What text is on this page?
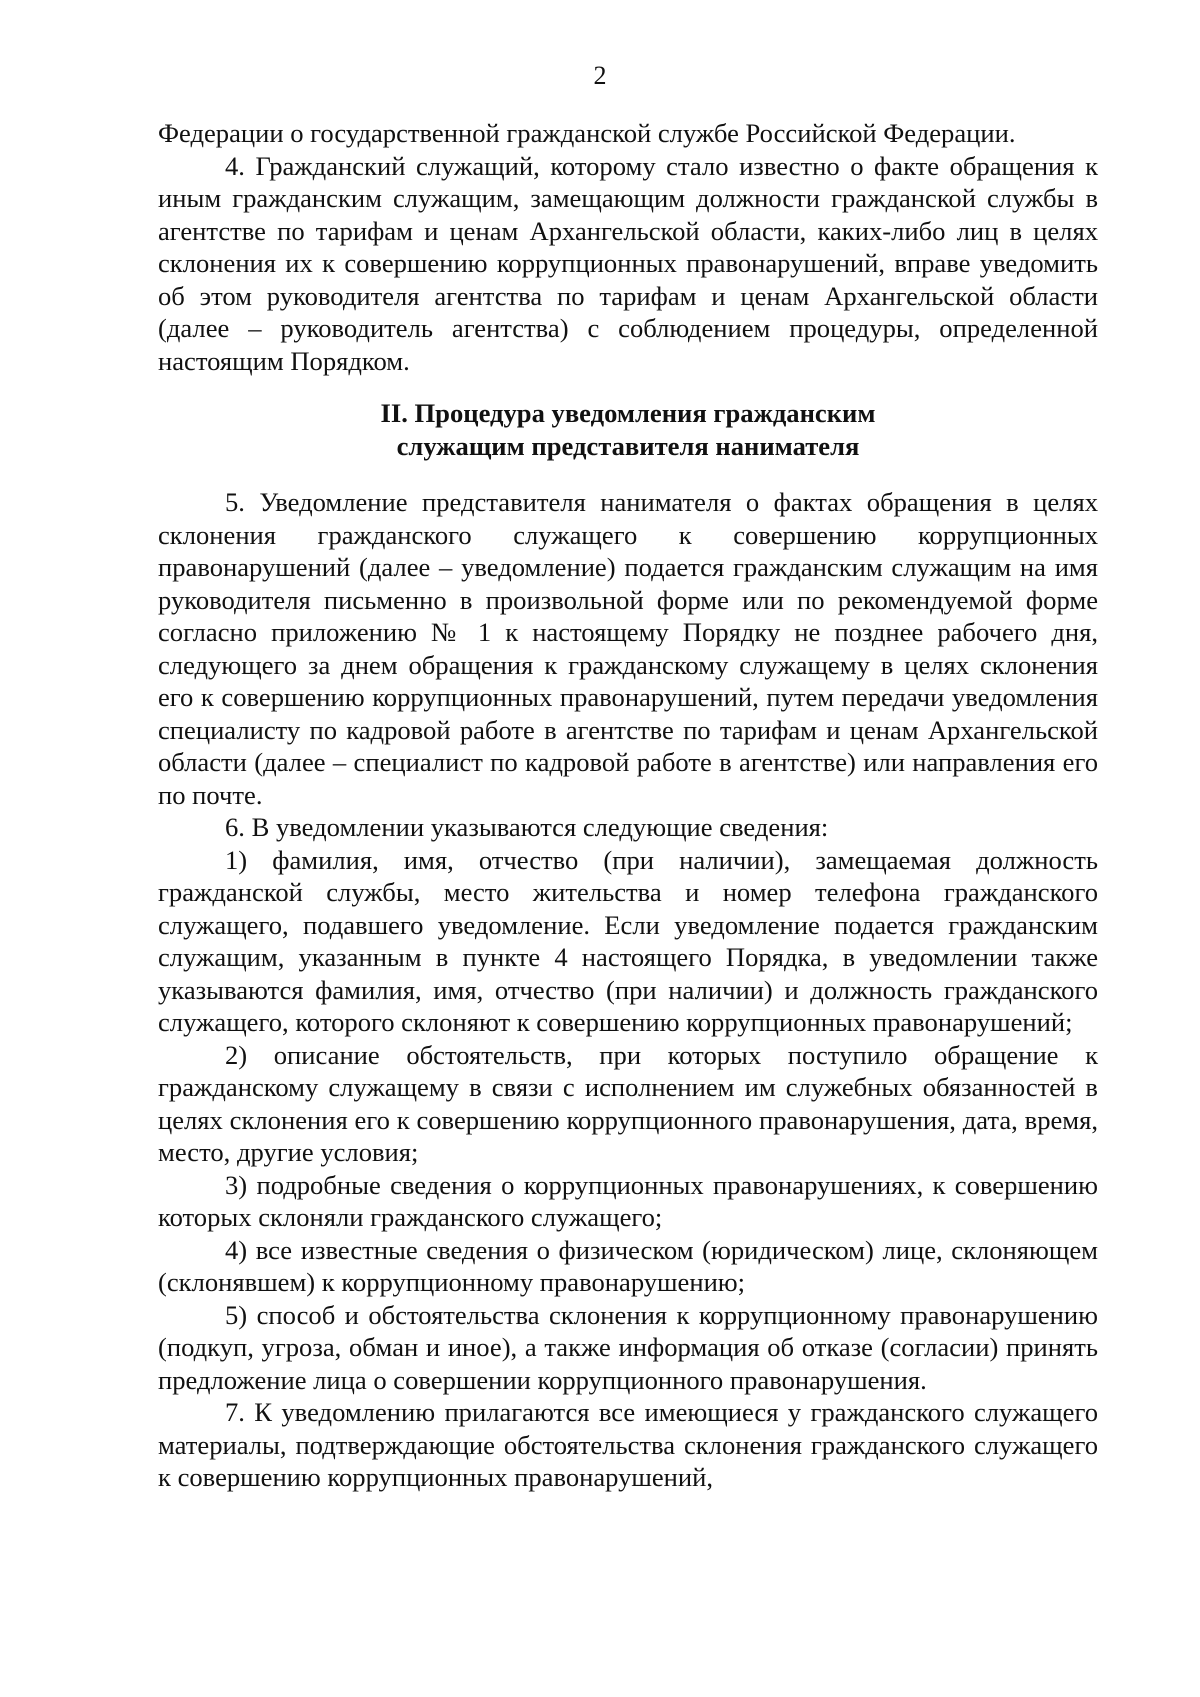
2

Федерации о государственной гражданской службе Российской Федерации.

4. Гражданский служащий, которому стало известно о факте обращения к иным гражданским служащим, замещающим должности гражданской службы в агентстве по тарифам и ценам Архангельской области, каких-либо лиц в целях склонения их к совершению коррупционных правонарушений, вправе уведомить об этом руководителя агентства по тарифам и ценам Архангельской области (далее – руководитель агентства) с соблюдением процедуры, определенной настоящим Порядком.

II. Процедура уведомления гражданским
служащим представителя нанимателя

5. Уведомление представителя нанимателя о фактах обращения в целях склонения гражданского служащего к совершению коррупционных правонарушений (далее – уведомление) подается гражданским служащим на имя руководителя письменно в произвольной форме или по рекомендуемой форме согласно приложению № 1 к настоящему Порядку не позднее рабочего дня, следующего за днем обращения к гражданскому служащему в целях склонения его к совершению коррупционных правонарушений, путем передачи уведомления специалисту по кадровой работе в агентстве по тарифам и ценам Архангельской области (далее – специалист по кадровой работе в агентстве) или направления его по почте.

6. В уведомлении указываются следующие сведения:

1) фамилия, имя, отчество (при наличии), замещаемая должность гражданской службы, место жительства и номер телефона гражданского служащего, подавшего уведомление. Если уведомление подается гражданским служащим, указанным в пункте 4 настоящего Порядка, в уведомлении также указываются фамилия, имя, отчество (при наличии) и должность гражданского служащего, которого склоняют к совершению коррупционных правонарушений;

2) описание обстоятельств, при которых поступило обращение к гражданскому служащему в связи с исполнением им служебных обязанностей в целях склонения его к совершению коррупционного правонарушения, дата, время, место, другие условия;

3) подробные сведения о коррупционных правонарушениях, к совершению которых склоняли гражданского служащего;

4) все известные сведения о физическом (юридическом) лице, склоняющем (склонявшем) к коррупционному правонарушению;

5) способ и обстоятельства склонения к коррупционному правонарушению (подкуп, угроза, обман и иное), а также информация об отказе (согласии) принять предложение лица о совершении коррупционного правонарушения.

7. К уведомлению прилагаются все имеющиеся у гражданского служащего материалы, подтверждающие обстоятельства склонения гражданского служащего к совершению коррупционных правонарушений,
